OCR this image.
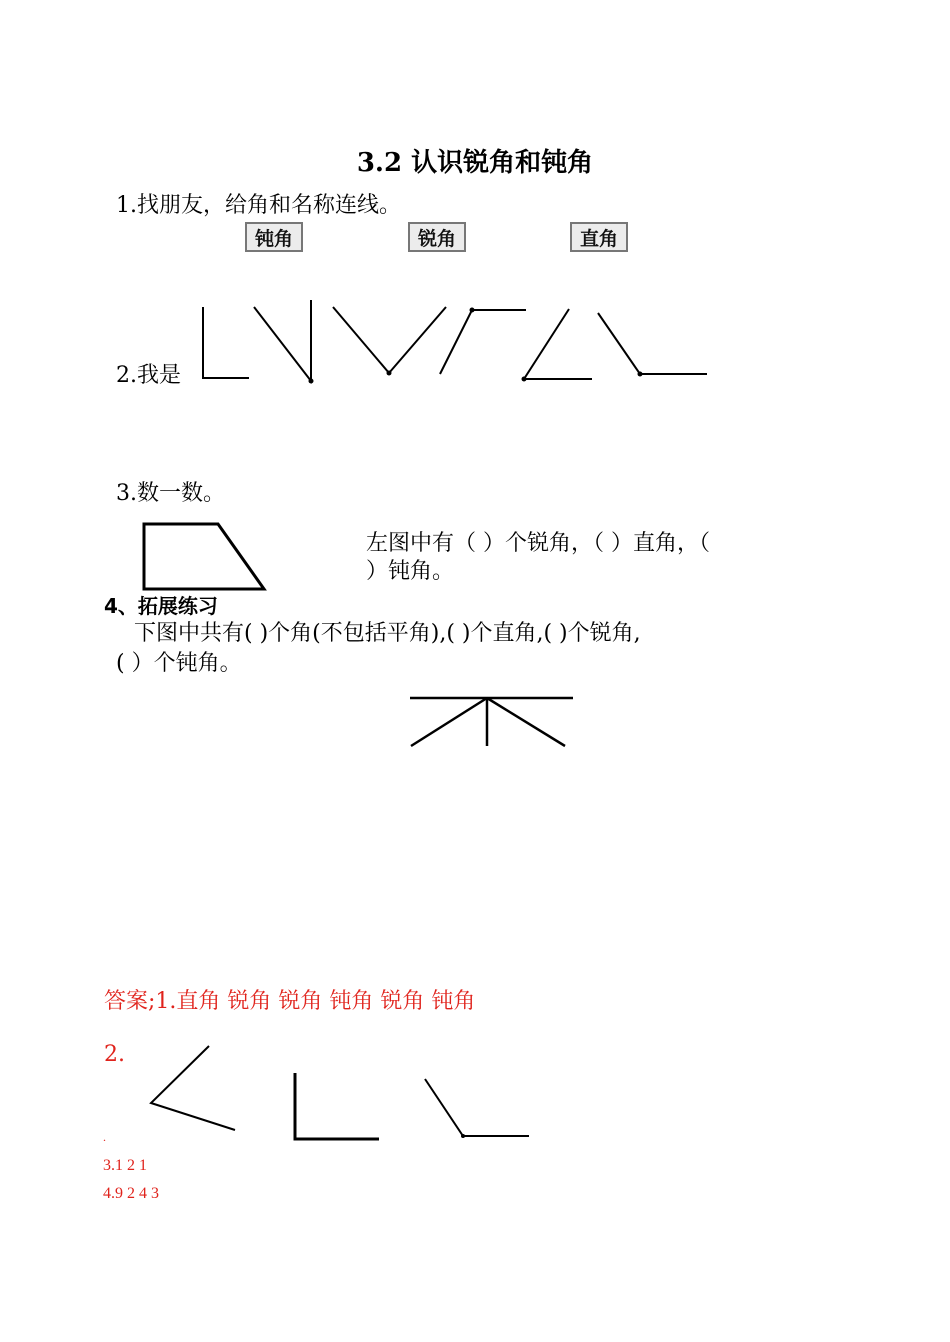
3.2 认识锐角和钝角
1.找朋友，给角和名称连线。
钝角	锐角	直角
2.我是
3.数一数。
左图中有（ ）个锐角，（ ）直角，（
）钝角。
4、拓展练习
下图中共有( )个角(不包括平角),( )个直角,( )个锐角,
( ）个钝角。
答案;1.直角 锐角 锐角 钝角 锐角 钝角
2.
.
3.1 2 1
4.9 2 4 3
